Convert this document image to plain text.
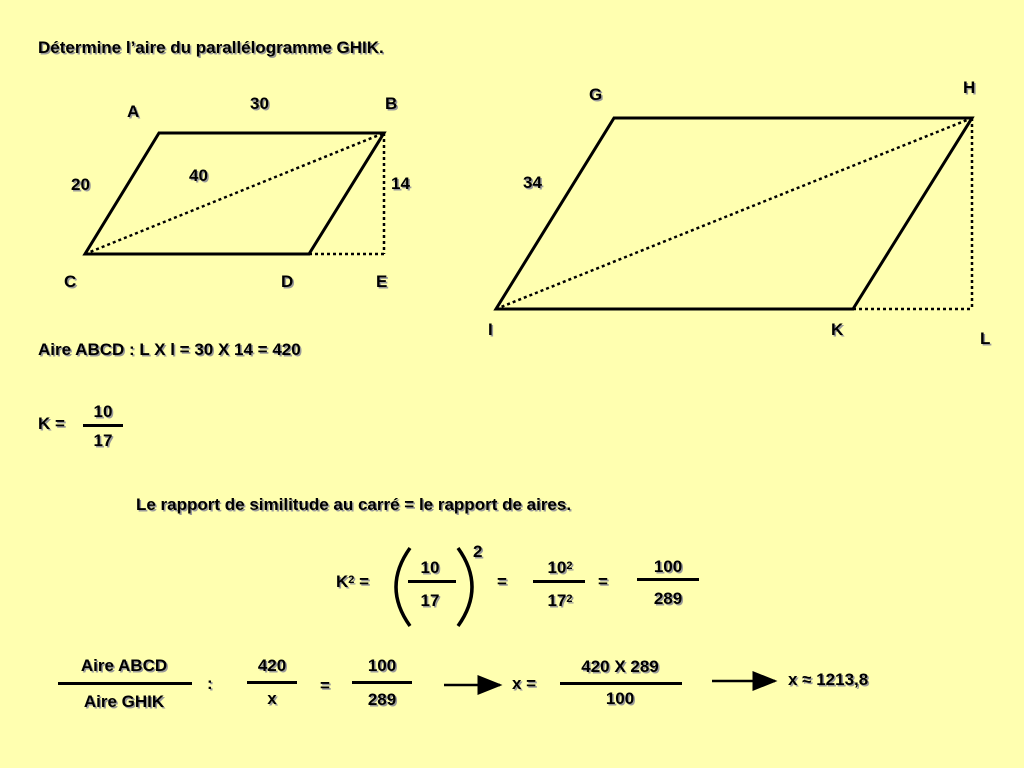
Détermine l’aire du parallélogramme GHIK.
A	B
C	D	E
30
20	40	14
G	H
I	K	L
34
Aire ABCD : L X l = 30 X 14 = 420
K =
10
17
Le rapport de similitude au carré = le rapport de aires.
$K^2$ =
10
17
2
=
$10^2$
$17^2$
=
100
289
Aire ABCD
Aire GHIK
:
420
x
=
100
289
x =
420 X 289
100
x ≈ 1213,8
